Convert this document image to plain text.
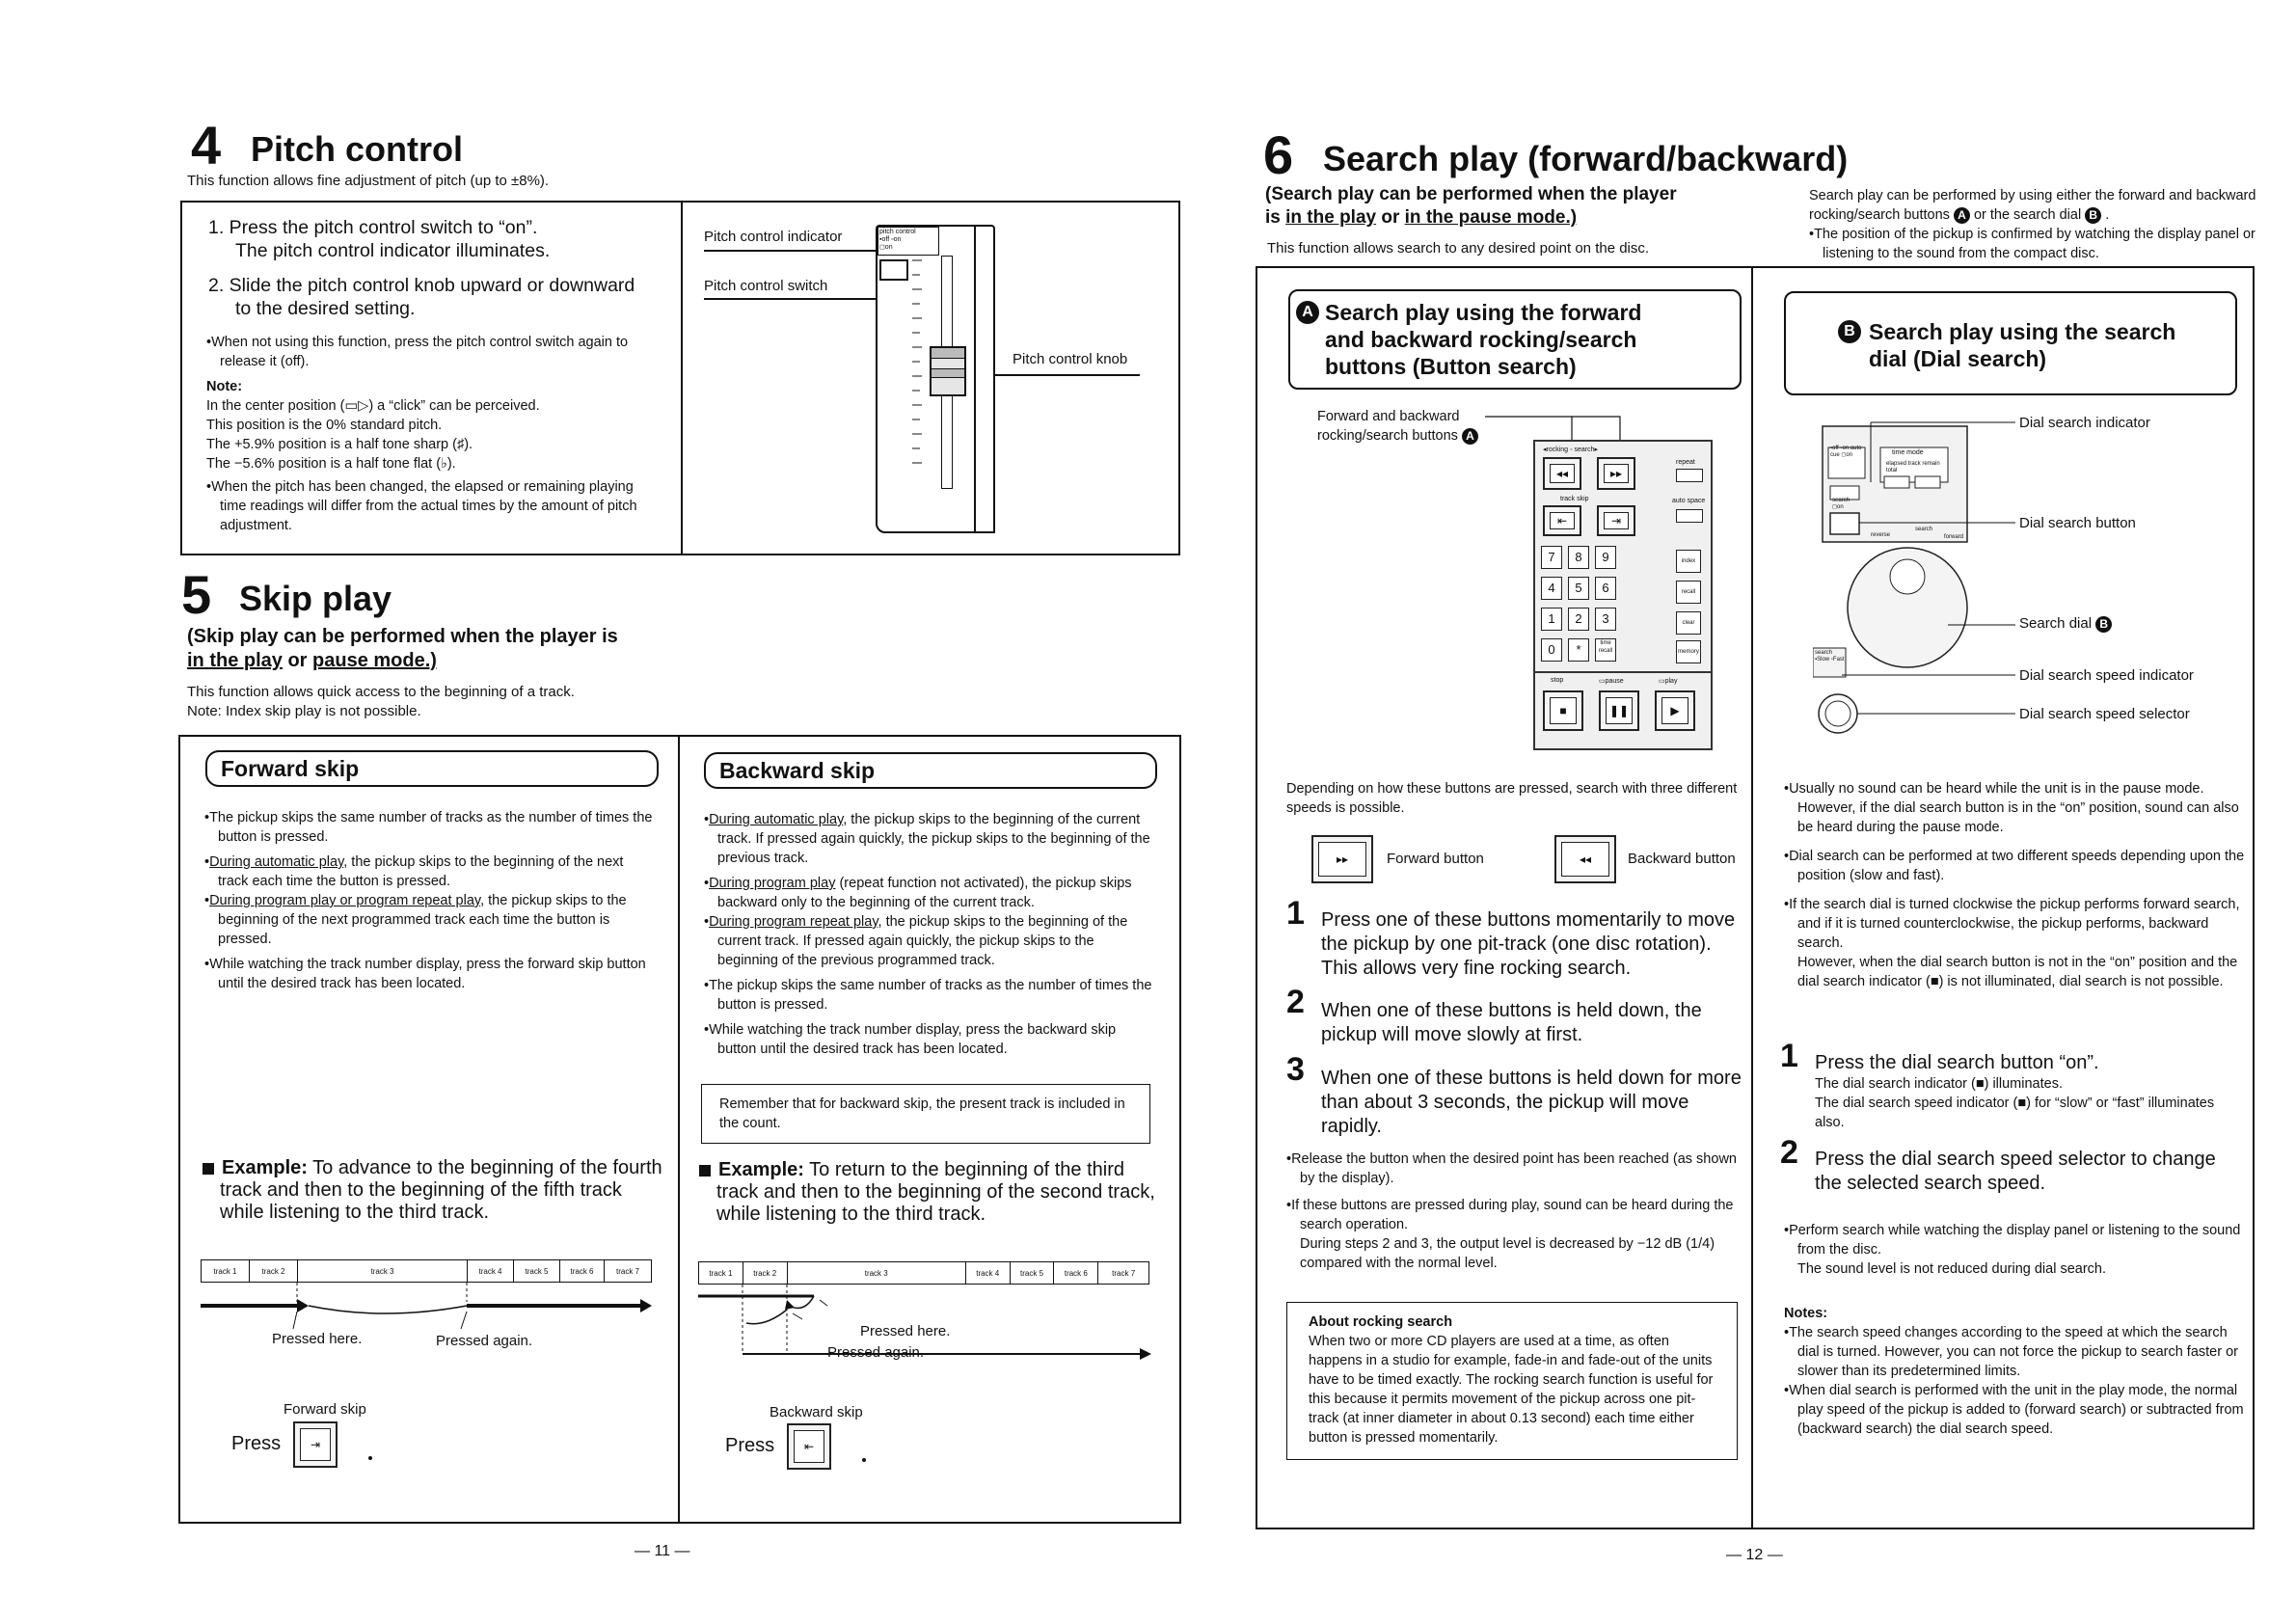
4 Pitch control
This function allows fine adjustment of pitch (up to ±8%).

1. Press the pitch control switch to “on”.

The pitch control indicator illuminates.

2. Slide the pitch control knob upward or downward

to the desired setting.

•When not using this function, press the pitch control switch again to release it (off).

Note:

In the center position (▭▷) a “click” can be perceived.

This position is the 0% standard pitch.

The +5.9% position is a half tone sharp (♯).

The −5.6% position is a half tone flat (♭).

•When the pitch has been changed, the elapsed or remaining playing time readings will differ from the actual times by the amount of pitch adjustment.

Pitch control indicator
Pitch control switch
Pitch control knob
pitch control
▪off ▫on
◻on
5 Skip play

(Skip play can be performed when the player is

in the play or pause mode.)

This function allows quick access to the beginning of a track.

Note: Index skip play is not possible.

Forward skip

•The pickup skips the same number of tracks as the number of times the button is pressed.

•During automatic play, the pickup skips to the beginning of the next track each time the button is pressed.

•During program play or program repeat play, the pickup skips to the beginning of the next programmed track each time the button is pressed.

•While watching the track number display, press the forward skip button until the desired track has been located.

Example: To advance to the beginning of the fourth track and then to the beginning of the fifth track while listening to the third track.
track 1	track 2	track 3	track 4	track 5	track 6	track 7
Pressed here.	Pressed again.
Forward skip
Press	⇥
Backward skip

•During automatic play, the pickup skips to the beginning of the current track. If pressed again quickly, the pickup skips to the beginning of the previous track.

•During program play (repeat function not activated), the pickup skips backward only to the beginning of the current track.

•During program repeat play, the pickup skips to the beginning of the current track. If pressed again quickly, the pickup skips to the beginning of the previous programmed track.

•The pickup skips the same number of tracks as the number of times the button is pressed.

•While watching the track number display, press the backward skip button until the desired track has been located.

Remember that for backward skip, the present track is included in the count.

Example: To return to the beginning of the third track and then to the beginning of the second track, while listening to the third track.
track 1	track 2	track 3	track 4	track 5	track 6	track 7
Pressed here.
Pressed again.
Backward skip
Press	⇤
— 11 —
6 Search play (forward/backward)

(Search play can be performed when the player

is in the play or in the pause mode.)

This function allows search to any desired point on the disc.

Search play can be performed by using either the forward and backward rocking/search buttons A or the search dial B .

•The position of the pickup is confirmed by watching the display panel or listening to the sound from the compact disc.

A Search play using the forward
and backward rocking/search
buttons (Button search)

Forward and backward

rocking/search buttons A

◂rocking ◦ search▸
◂◂	▸▸
repeat
track skip	auto space
⇤	⇥
7	8	9
4	5	6
1	2	3
0	*	time recall
index
recall
clear
memory
stop	▭pause	▭play
■	❚❚	▶
Depending on how these buttons are pressed, search with three different speeds is possible.
▸▸	Forward button	◂◂	Backward button
1 Press one of these buttons momentarily to move the pickup by one pit-track (one disc rotation). This allows very fine rocking search.
2 When one of these buttons is held down, the pickup will move slowly at first.
3 When one of these buttons is held down for more than about 3 seconds, the pickup will move rapidly.

•Release the button when the desired point has been reached (as shown by the display).

•If these buttons are pressed during play, sound can be heard during the search operation.

During steps 2 and 3, the output level is decreased by −12 dB (1/4) compared with the normal level.

About rocking search

When two or more CD players are used at a time, as often happens in a studio for example, fade-in and fade-out of the units have to be timed exactly. The rocking search function is useful for this because it permits movement of the pickup across one pit-track (at inner diameter in about 0.13 second) each time either button is pressed momentarily.

B Search play using the search
dial (Dial search)
▪off ▫on auto cue ◻on	time mode
elapsed track remain total
search ◻on
reverse
search
forward
search ▪Slow ▫Fast
Dial search indicator
Dial search button
Search dial B
Dial search speed indicator
Dial search speed selector

•Usually no sound can be heard while the unit is in the pause mode. However, if the dial search button is in the “on” position, sound can also be heard during the pause mode.

•Dial search can be performed at two different speeds depending upon the position (slow and fast).

•If the search dial is turned clockwise the pickup performs forward search, and if it is turned counterclockwise, the pickup performs, backward search.

However, when the dial search button is not in the “on” position and the dial search indicator (■) is not illuminated, dial search is not possible.

1 Press the dial search button “on”.

The dial search indicator (■) illuminates.

The dial search speed indicator (■) for “slow” or “fast” illuminates also.

2 Press the dial search speed selector to change the selected search speed.

•Perform search while watching the display panel or listening to the sound from the disc.

The sound level is not reduced during dial search.

Notes:

•The search speed changes according to the speed at which the search dial is turned. However, you can not force the pickup to search faster or slower than its predetermined limits.

•When dial search is performed with the unit in the play mode, the normal play speed of the pickup is added to (forward search) or subtracted from (backward search) the dial search speed.

— 12 —
